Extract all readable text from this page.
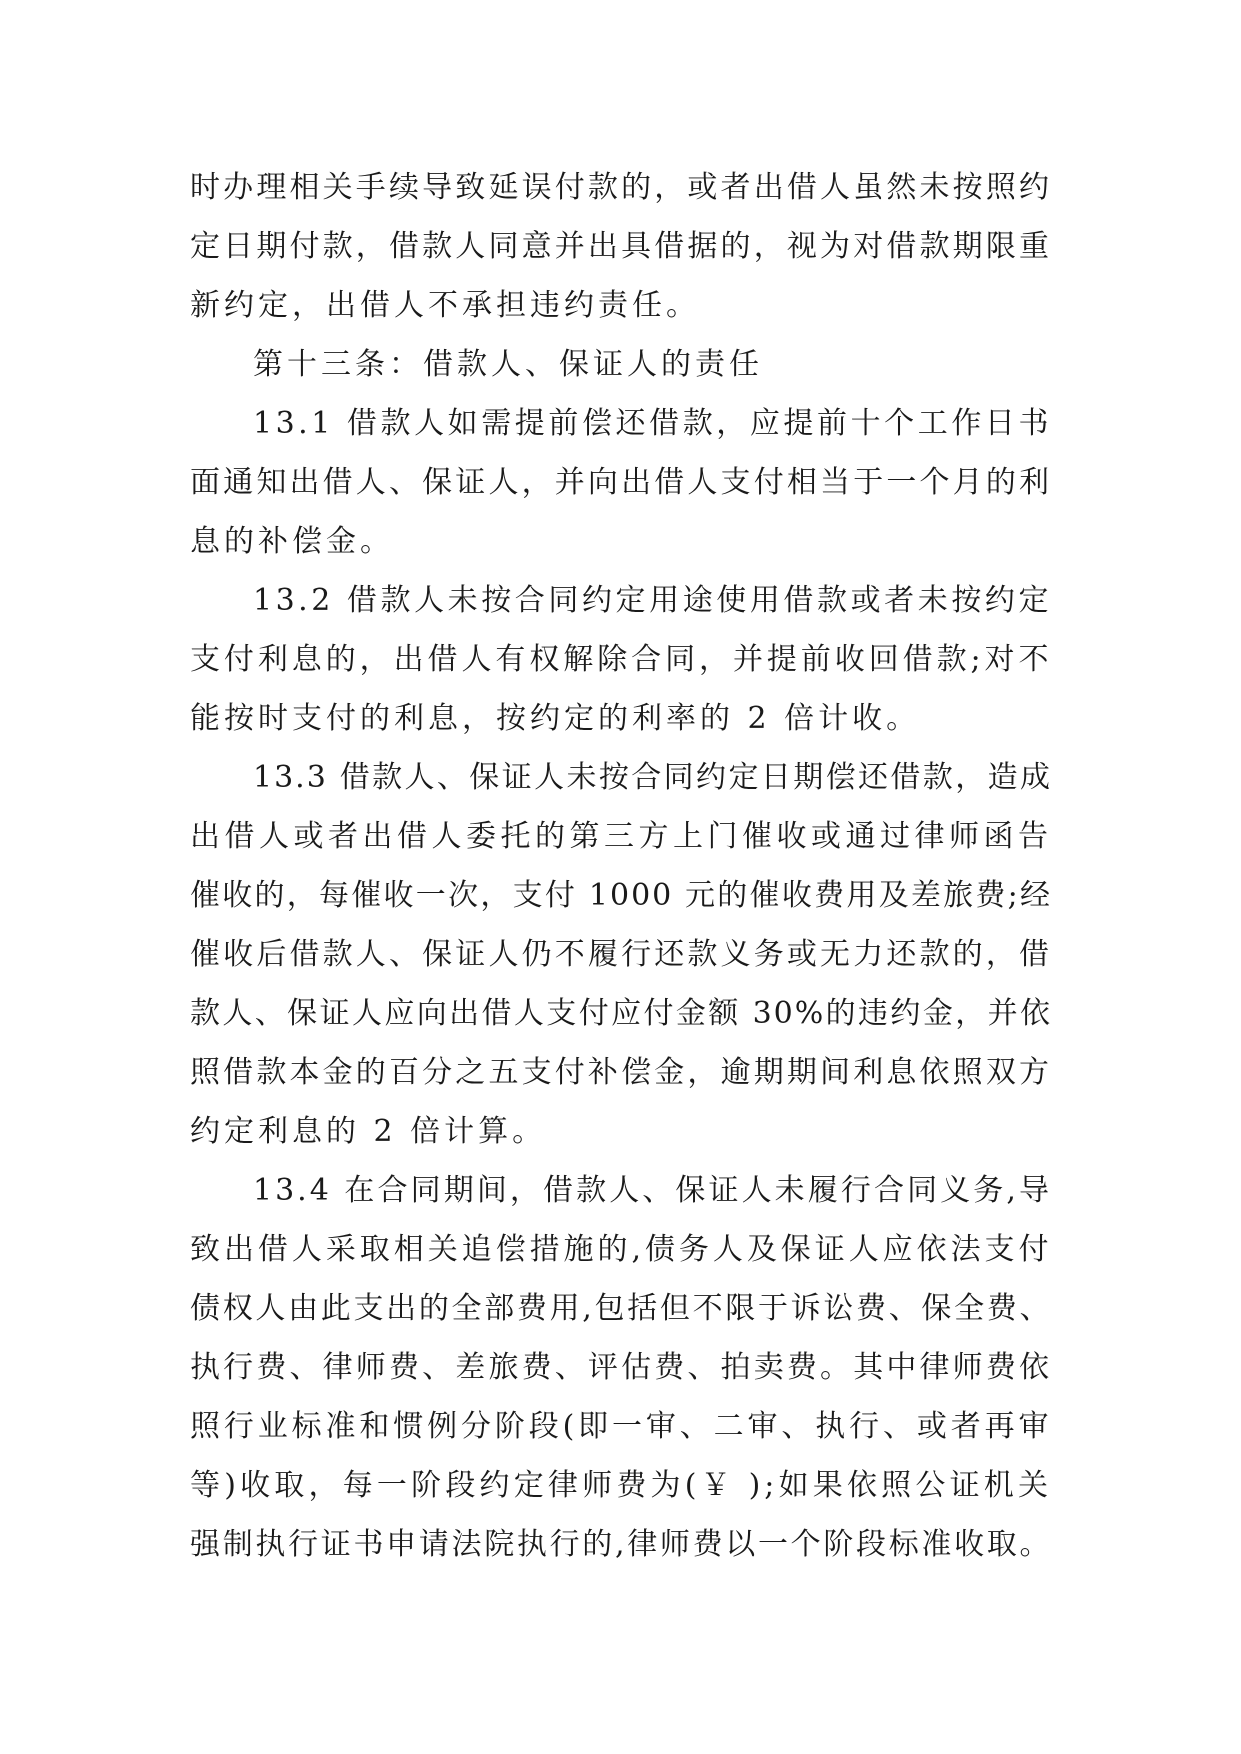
时办理相关手续导致延误付款的，或者出借人虽然未按照约
定日期付款，借款人同意并出具借据的，视为对借款期限重
新约定，出借人不承担违约责任。
第十三条：借款人、保证人的责任
13.1 借款人如需提前偿还借款，应提前十个工作日书
面通知出借人、保证人，并向出借人支付相当于一个月的利
息的补偿金。
13.2 借款人未按合同约定用途使用借款或者未按约定
支付利息的，出借人有权解除合同，并提前收回借款;对不
能按时支付的利息，按约定的利率的 2 倍计收。
13.3 借款人、保证人未按合同约定日期偿还借款，造成
出借人或者出借人委托的第三方上门催收或通过律师函告
催收的，每催收一次，支付 1000 元的催收费用及差旅费;经
催收后借款人、保证人仍不履行还款义务或无力还款的，借
款人、保证人应向出借人支付应付金额 30%的违约金，并依
照借款本金的百分之五支付补偿金，逾期期间利息依照双方
约定利息的 2 倍计算。
13.4 在合同期间，借款人、保证人未履行合同义务,导
致出借人采取相关追偿措施的,债务人及保证人应依法支付
债权人由此支出的全部费用,包括但不限于诉讼费、保全费、
执行费、律师费、差旅费、评估费、拍卖费。其中律师费依
照行业标准和惯例分阶段(即一审、二审、执行、或者再审
等)收取，每一阶段约定律师费为(￥ );如果依照公证机关
强制执行证书申请法院执行的,律师费以一个阶段标准收取。
